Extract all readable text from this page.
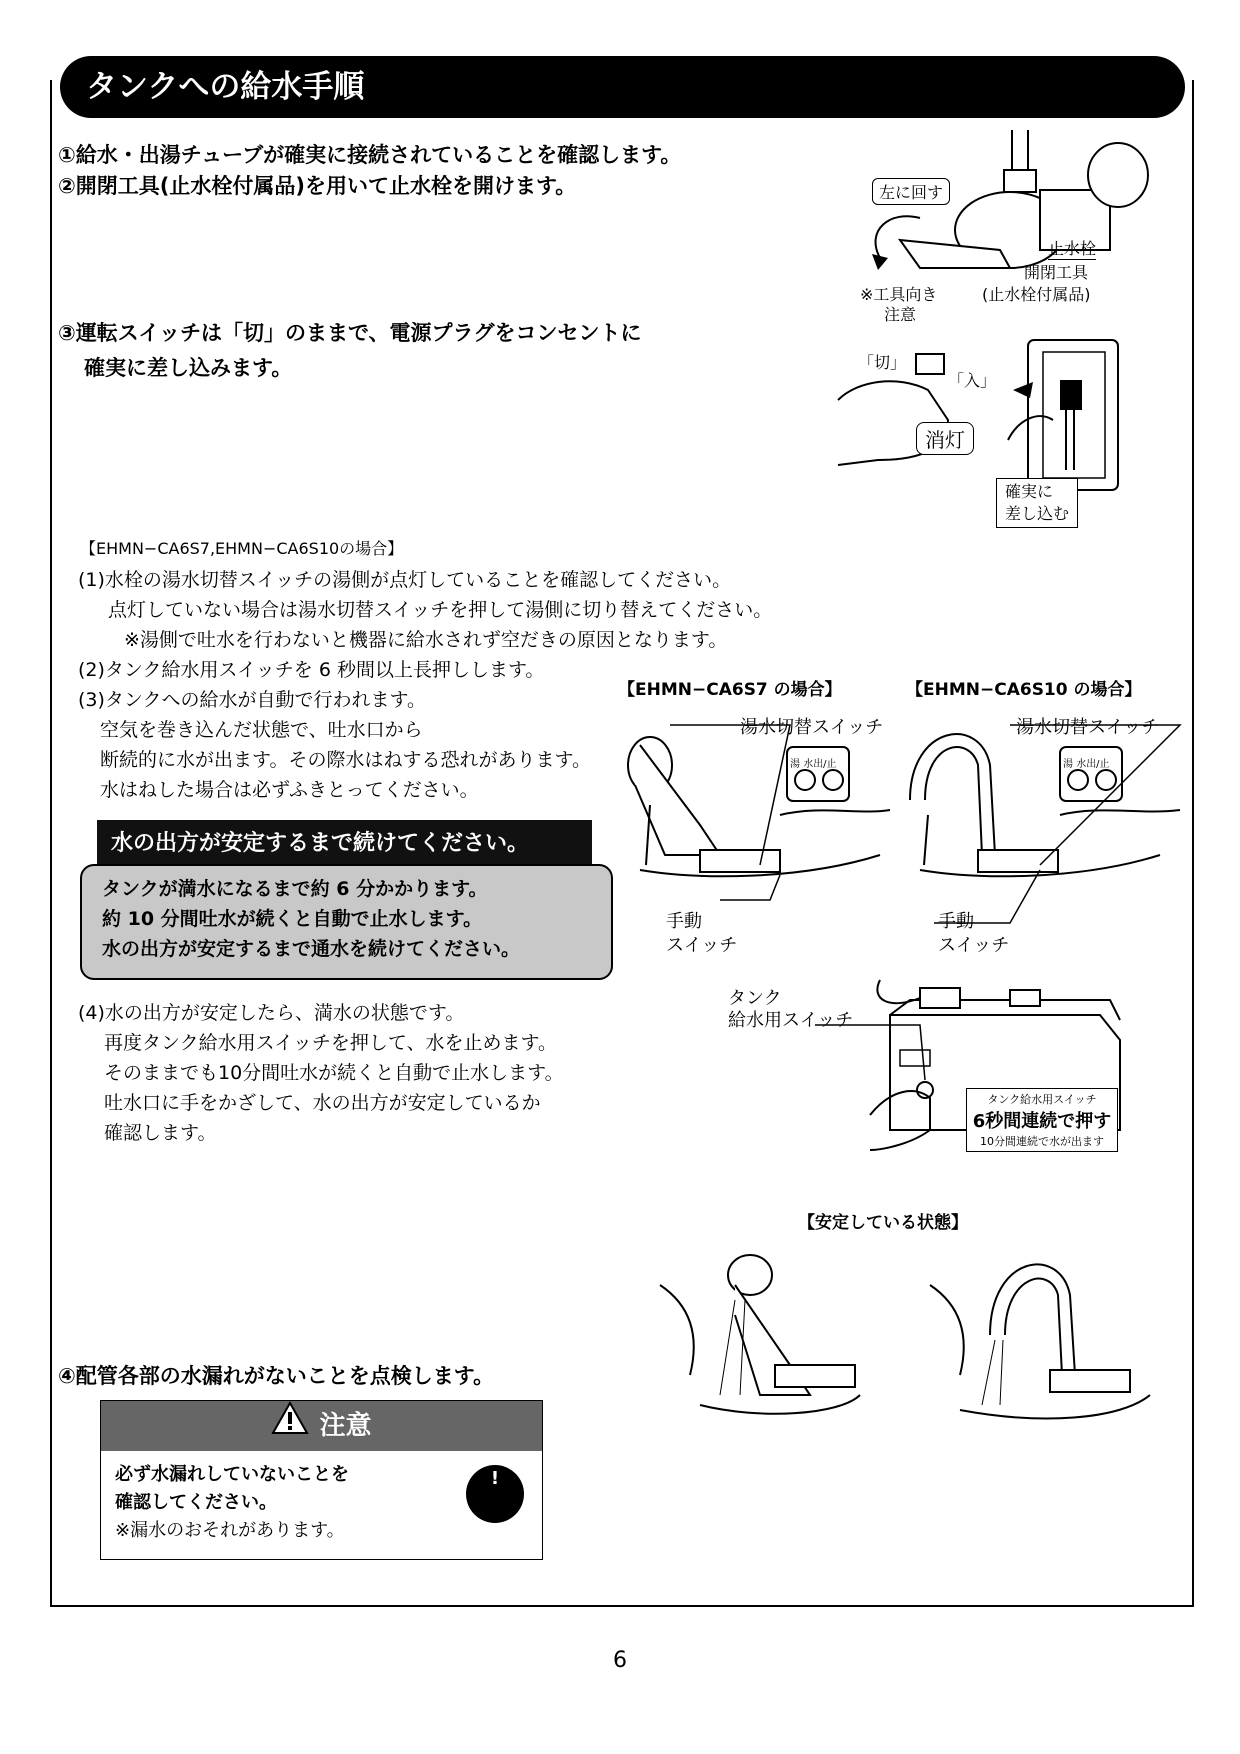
タンクへの給水手順
①給水・出湯チューブが確実に接続されていることを確認します。
②開閉工具(止水栓付属品)を用いて止水栓を開けます。	左に回す
止水栓
開閉工具
(止水栓付属品)
※工具向き
注意
③運転スイッチは「切」のままで、電源プラグをコンセントに
確実に差し込みます。	「切」
「入」
消灯
確実に
差し込む
【EHMN−CA6S7,EHMN−CA6S10の場合】
(1)水栓の湯水切替スイッチの湯側が点灯していることを確認してください。
点灯していない場合は湯水切替スイッチを押して湯側に切り替えてください。
※湯側で吐水を行わないと機器に給水されず空だきの原因となります。
(2)タンク給水用スイッチを 6 秒間以上長押しします。
(3)タンクへの給水が自動で行われます。
空気を巻き込んだ状態で、吐水口から
断続的に水が出ます。その際水はねする恐れがあります。
水はねした場合は必ずふきとってください。
水の出方が安定するまで続けてください。
タンクが満水になるまで約 6 分かかります。
約 10 分間吐水が続くと自動で止水します。
水の出方が安定するまで通水を続けてください。
【EHMN−CA6S7 の場合】	【EHMN−CA6S10 の場合】
湯水切替スイッチ
湯 水出/止
手動
スイッチ
湯水切替スイッチ
湯 水出/止
手動
スイッチ
(4)水の出方が安定したら、満水の状態です。
再度タンク給水用スイッチを押して、水を止めます。
そのままでも10分間吐水が続くと自動で止水します。
吐水口に手をかざして、水の出方が安定しているか
確認します。
タンク
給水用スイッチ
タンク給水用スイッチ
6秒間連続で押す
10分間連続で水が出ます
【安定している状態】
④配管各部の水漏れがないことを点検します。
注意
必ず水漏れしていないことを
確認してください。
※漏水のおそれがあります。
!
6
